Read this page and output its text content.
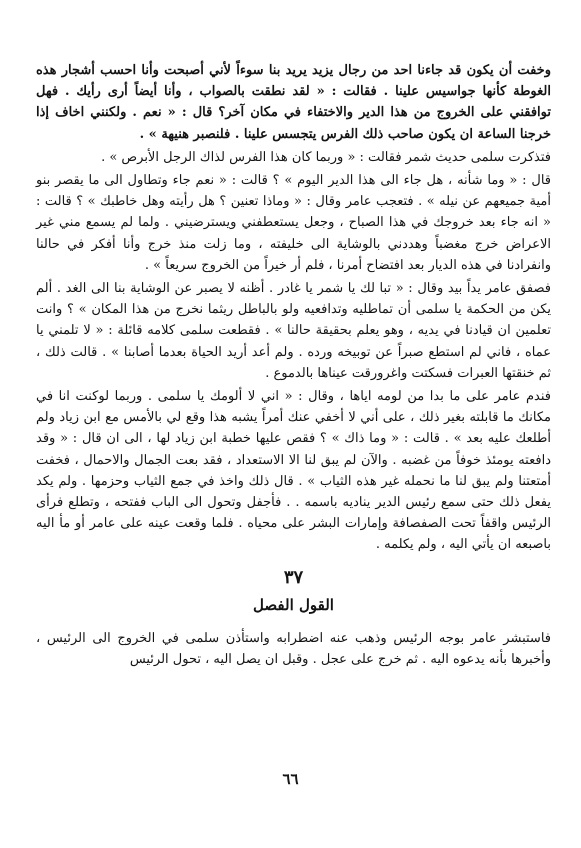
وخفت أن يكون قد جاءنا احد من رجال يزيد يريد بنا سوءاً لأني أصبحت وأنا احسب أشجار هذه الغوطة كأنها جواسيس علينا . فقالت : « لقد نطقت بالصواب ، وأنا أيضاً أرى رأيك . فهل توافقني على الخروج من هذا الدير والاختفاء في مكان آخر؟ قال : « نعم . ولكنني اخاف إذا خرجنا الساعة ان يكون صاحب ذلك الفرس يتجسس علينا . فلنصبر هنيهة » .

فتذكرت سلمى حديث شمر فقالت : « وربما كان هذا الفرس لذاك الرجل الأبرص » .

قال : « وما شأنه ، هل جاء الى هذا الدير اليوم » ؟ قالت : « نعم جاء وتطاول الى ما يقصر بنو أمية جميعهم عن نيله » . فتعجب عامر وقال : « وماذا تعنين ؟ هل رأيته وهل خاطبك » ؟ قالت : « انه جاء بعد خروجك في هذا الصباح ، وجعل يستعطفني ويسترضيني . ولما لم يسمع مني غير الاعراض خرج مغضباً وهددني بالوشاية الى خليفته ، وما زلت منذ خرج وأنا أفكر في حالنا وانفرادنا في هذه الديار بعد افتضاح أمرنا ، فلم أر خيراً من الخروج سريعاً » .

فصفق عامر يداً بيد وقال : « تبا لك يا شمر يا غادر . أظنه لا يصبر عن الوشاية بنا الى الغد . ألم يكن من الحكمة يا سلمى أن تماطليه وتدافعيه ولو بالباطل ريثما نخرج من هذا المكان » ؟ وانت تعلمين ان قيادنا في يديه ، وهو يعلم بحقيقة حالنا » . فقطعت سلمى كلامه قائلة : « لا تلمني يا عماه ، فاني لم استطع صبراً عن توبيخه ورده . ولم أعد أريد الحياة بعدما أصابنا » . قالت ذلك ، ثم خنقتها العبرات فسكتت واغرورقت عيناها بالدموع .

فندم عامر على ما بدا من لومه اياها ، وقال : « اني لا ألومك يا سلمى . وربما لوكنت انا في مكانك ما قابلته بغير ذلك ، على أني لا أخفي عنك أمراً يشبه هذا وقع لي بالأمس مع ابن زياد ولم أطلعك عليه بعد » . قالت : « وما ذاك » ؟ فقص عليها خطبة ابن زياد لها ، الى ان قال : « وقد دافعته يومئذ خوفاً من غضبه . والآن لم يبق لنا الا الاستعداد ، فقد بعت الجمال والاحمال ، فخفت أمتعتنا ولم يبق لنا ما نحمله غير هذه الثياب » . قال ذلك واخذ في جمع الثياب وحزمها . ولم يكد يفعل ذلك حتى سمع رئيس الدير يناديه باسمه . . فأجفل وتحول الى الباب ففتحه ، وتطلع فرأى الرئيس واقفاً تحت الصفصافة وإمارات البشر على محياه . فلما وقعت عينه على عامر أو مأ اليه باصبعه ان يأتي اليه ، ولم يكلمه .

٣٧
القول الفصل

فاستبشر عامر بوجه الرئيس وذهب عنه اضطرابه واستأذن سلمى في الخروج الى الرئيس ، وأخبرها بأنه يدعوه اليه . ثم خرج على عجل . وقبل ان يصل اليه ، تحول الرئيس

٦٦
